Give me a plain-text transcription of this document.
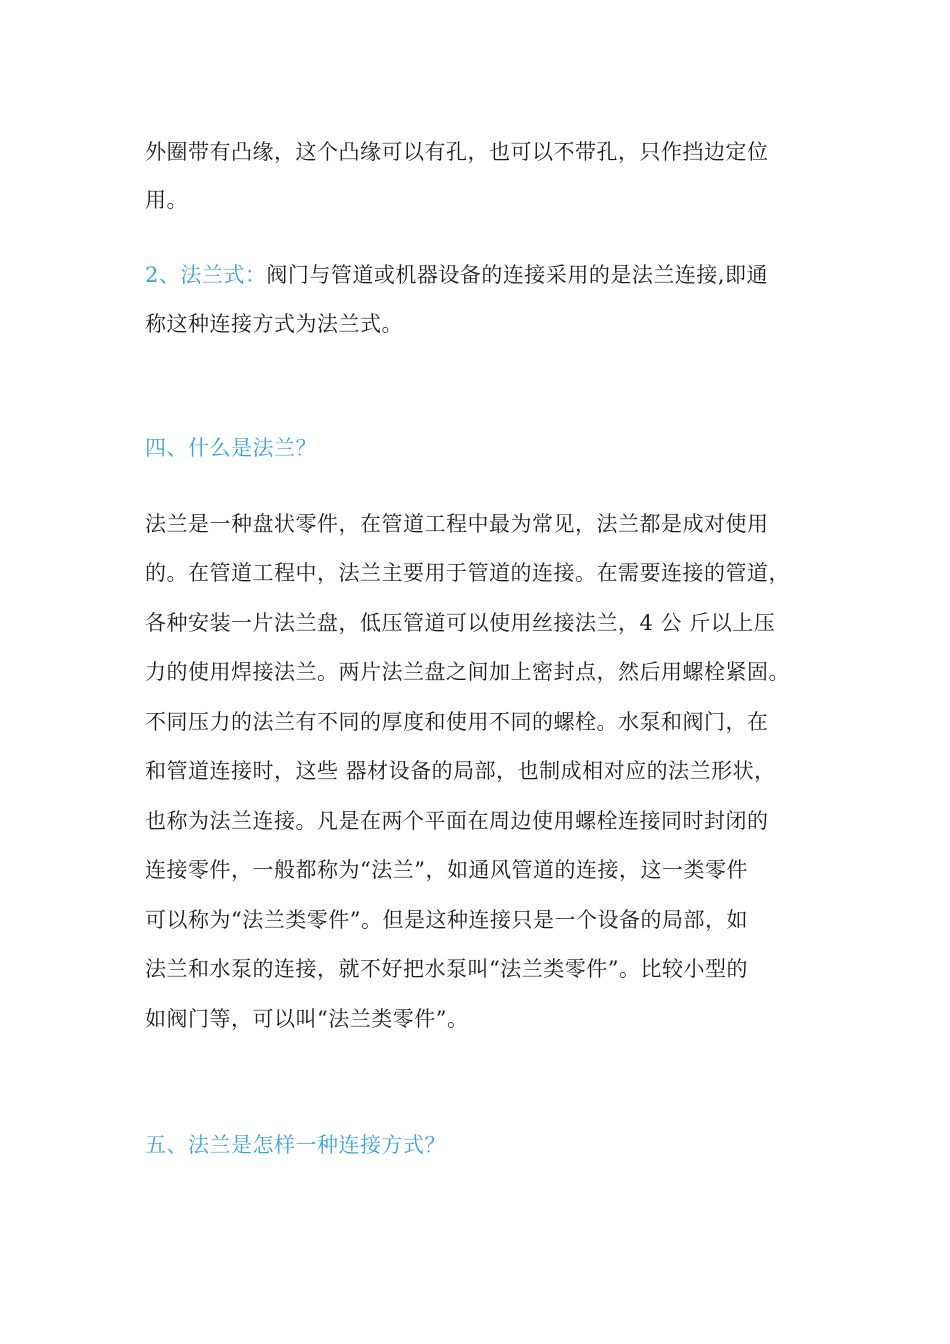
外圈带有凸缘，这个凸缘可以有孔，也可以不带孔，只作挡边定位
用。
2、法兰式：阀门与管道或机器设备的连接采用的是法兰连接,即通
称这种连接方式为法兰式。
四、什么是法兰？
法兰是一种盘状零件，在管道工程中最为常见，法兰都是成对使用
的。在管道工程中，法兰主要用于管道的连接。在需要连接的管道，
各种安装一片法兰盘，低压管道可以使用丝接法兰，4 公 斤以上压
力的使用焊接法兰。两片法兰盘之间加上密封点，然后用螺栓紧固。
不同压力的法兰有不同的厚度和使用不同的螺栓。水泵和阀门，在
和管道连接时，这些 器材设备的局部，也制成相对应的法兰形状，
也称为法兰连接。凡是在两个平面在周边使用螺栓连接同时封闭的
连接零件，一般都称为“法兰”，如通风管道的连接，这一类零件
可以称为“法兰类零件”。但是这种连接只是一个设备的局部，如
法兰和水泵的连接，就不好把水泵叫“法兰类零件”。比较小型的
如阀门等，可以叫“法兰类零件”。
五、法兰是怎样一种连接方式？
